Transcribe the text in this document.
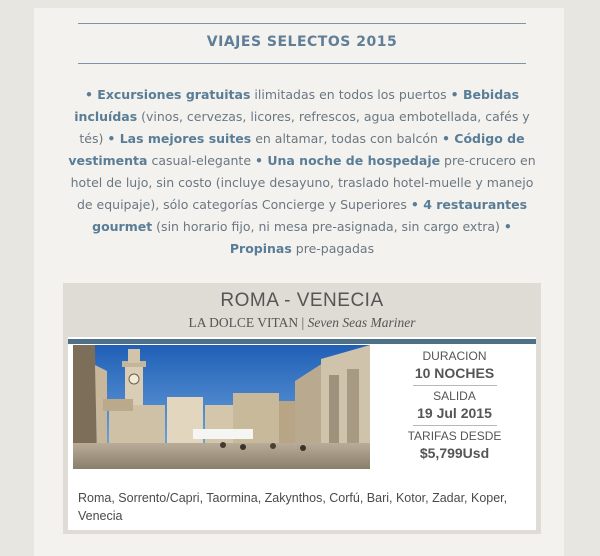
VIAJES SELECTOS 2015
• Excursiones gratuitas ilimitadas en todos los puertos • Bebidas incluídas (vinos, cervezas, licores, refrescos, agua embotellada, cafés y tés) • Las mejores suites en altamar, todas con balcón • Código de vestimenta casual-elegante • Una noche de hospedaje pre-crucero en hotel de lujo, sin costo (incluye desayuno, traslado hotel-muelle y manejo de equipaje), sólo categorías Concierge y Superiores • 4 restaurantes gourmet (sin horario fijo, ni mesa pre-asignada, sin cargo extra) • Propinas pre-pagadas
ROMA - VENECIA
LA DOLCE VITAN | Seven Seas Mariner
DURACION
10 NOCHES
SALIDA
19 Jul 2015
TARIFAS DESDE
$5,799Usd
Roma, Sorrento/Capri, Taormina, Zakynthos, Corfú, Bari, Kotor, Zadar, Koper, Venecia
